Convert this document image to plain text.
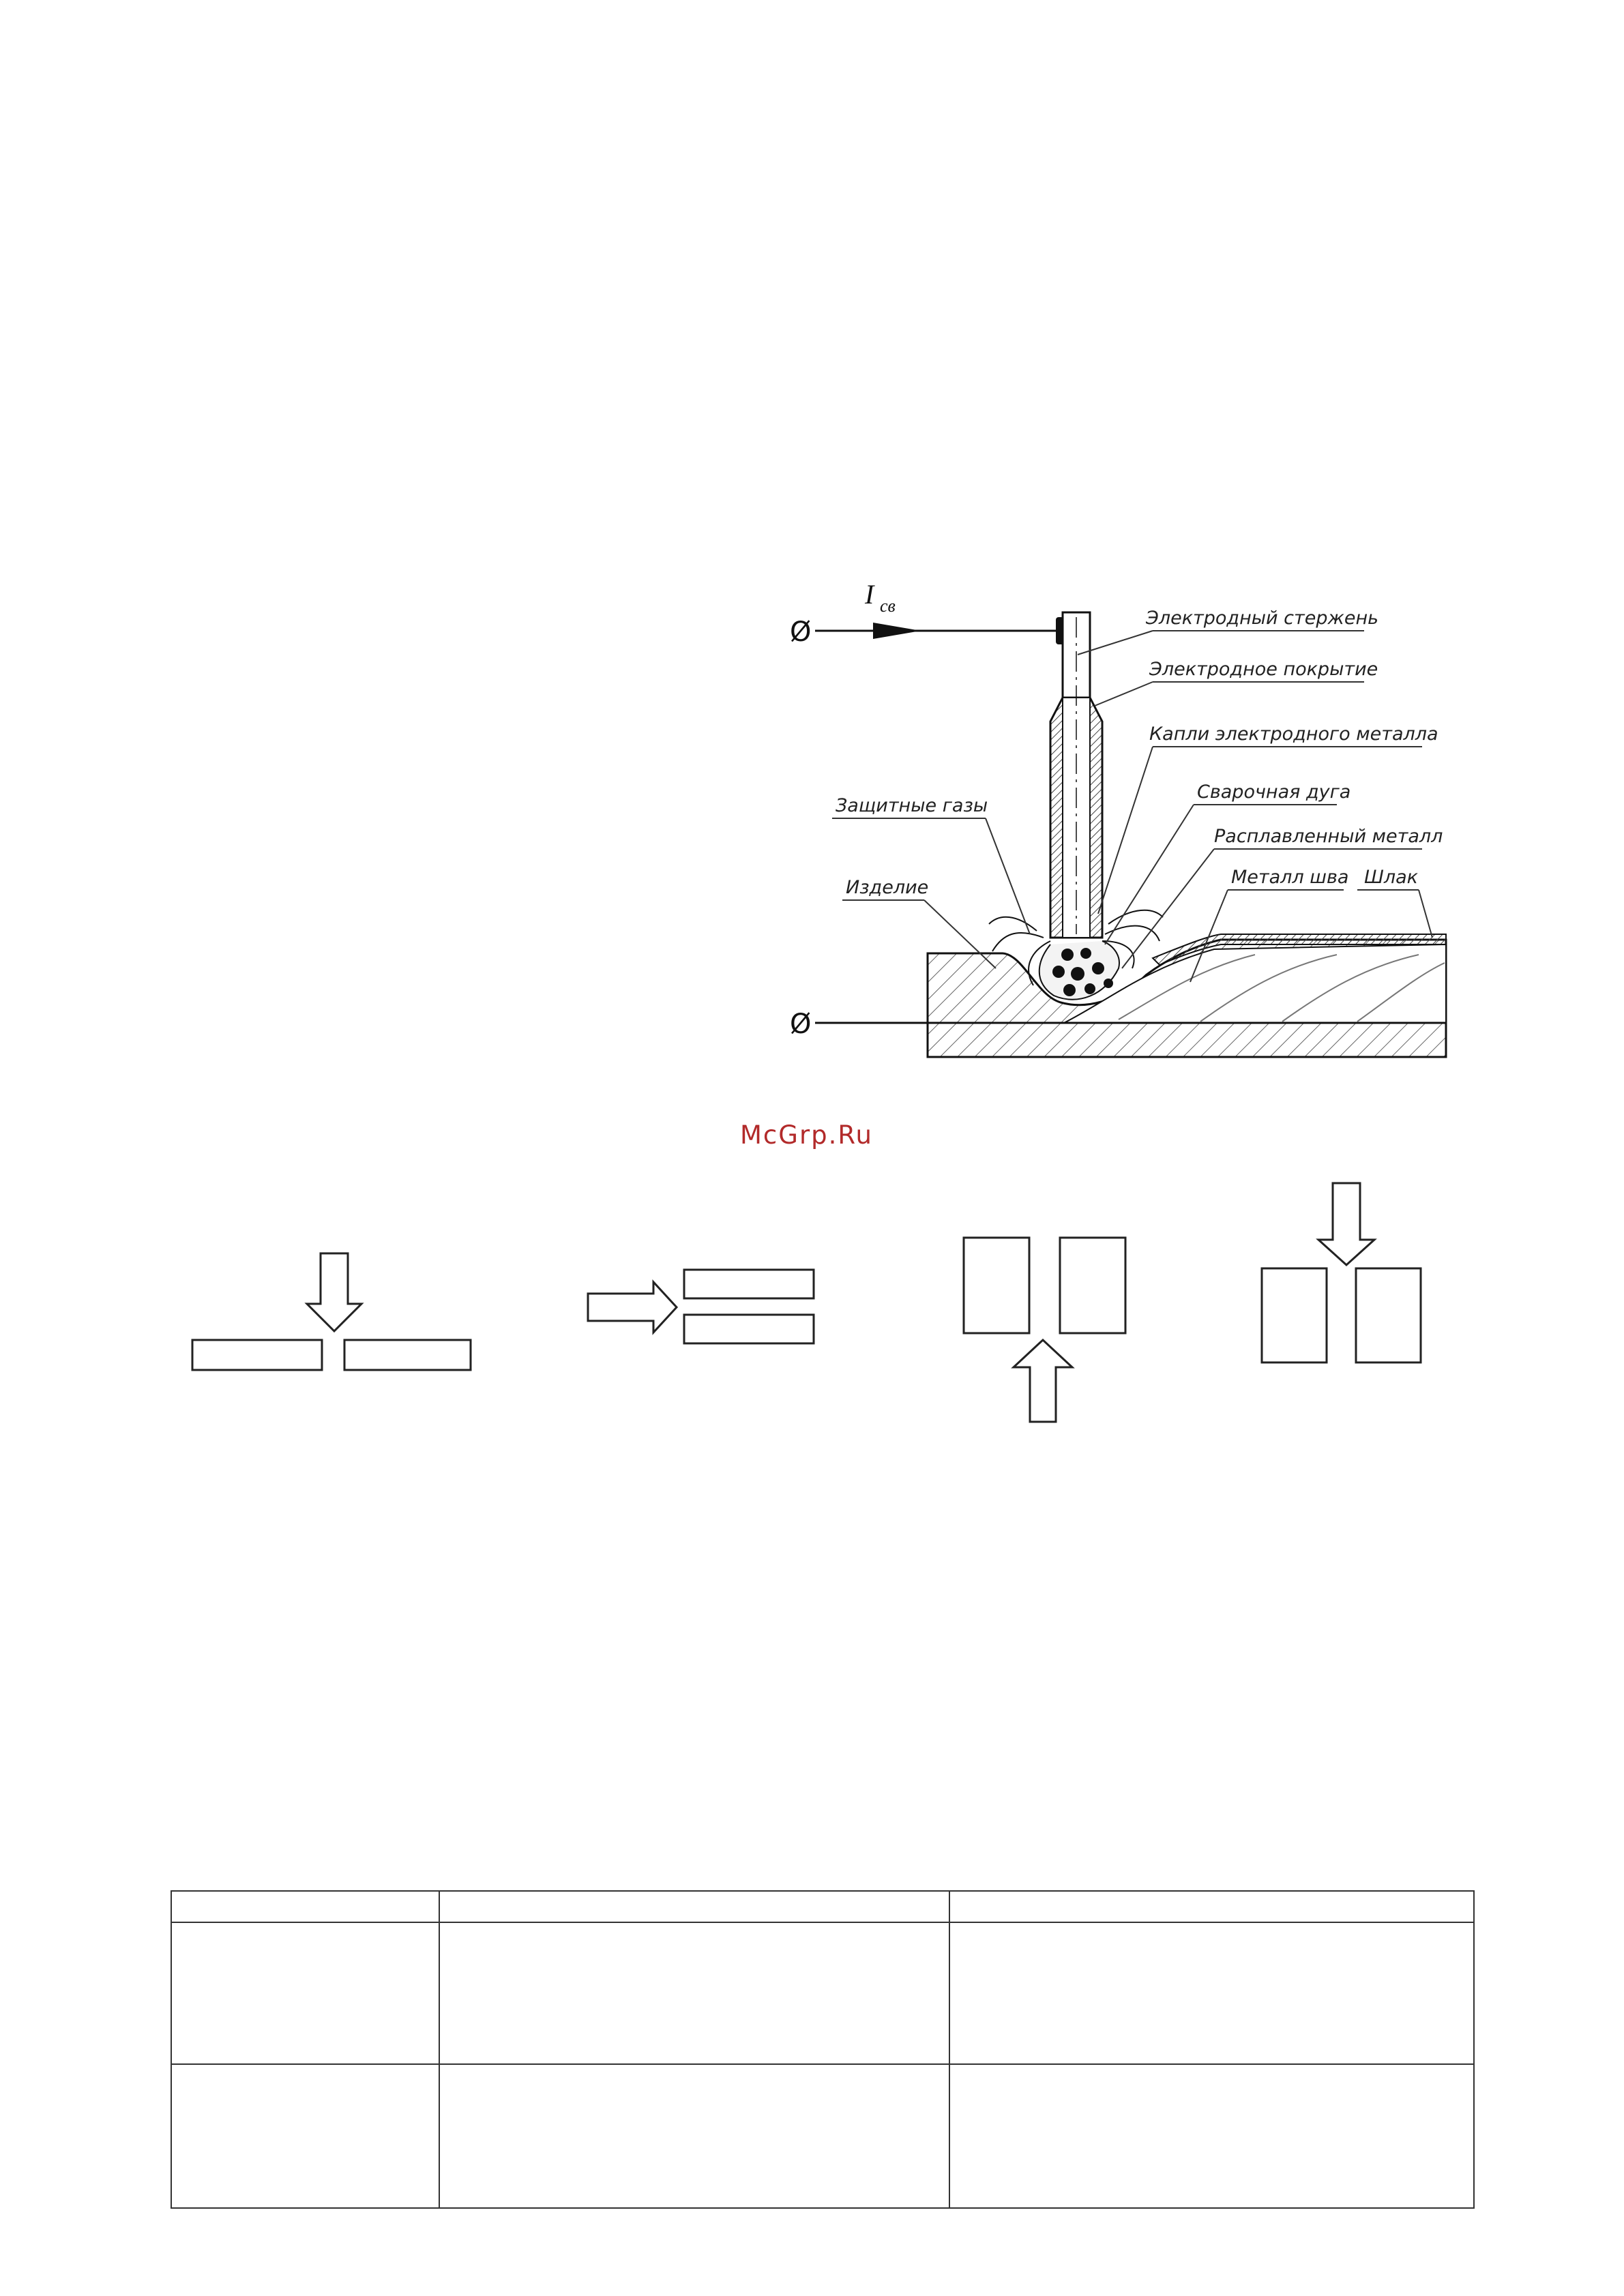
Ø
I св
Ø
Электродный стержень
Электродное покрытие
Капли электродного металла
Сварочная дуга
Защитные газы
Расплавленный металл
Изделие	Металл шва Шлак
McGrp.Ru
